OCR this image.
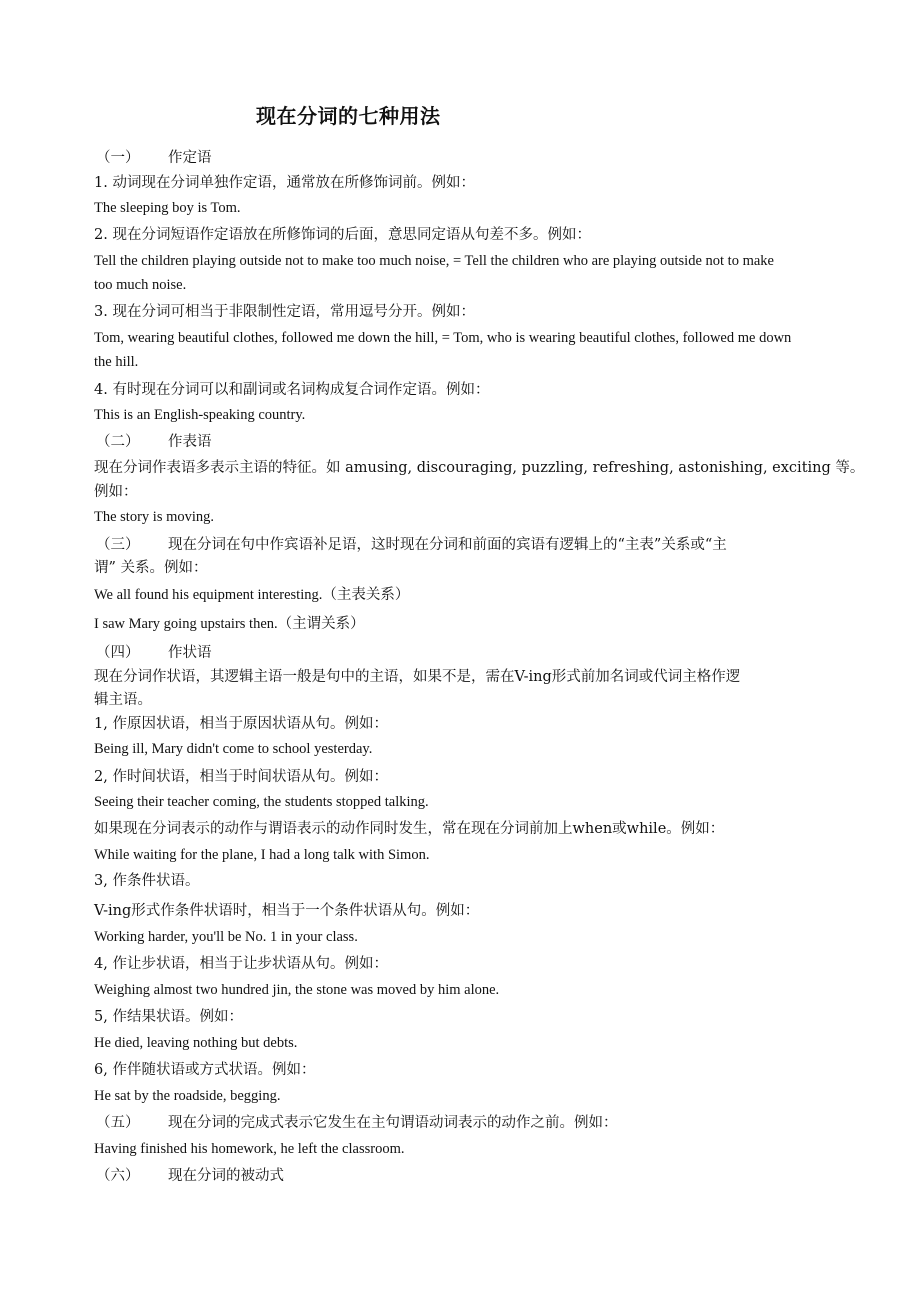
现在分词的七种用法
（一） 作定语
1. 动词现在分词单独作定语，通常放在所修饰词前。例如：
The sleeping boy is Tom.
2. 现在分词短语作定语放在所修饰词的后面，意思同定语从句差不多。例如：
Tell the children playing outside not to make too much noise, = Tell the children who are playing outside not to make
too much noise.
3. 现在分词可相当于非限制性定语，常用逗号分开。例如：
Tom, wearing beautiful clothes, followed me down the hill, = Tom, who is wearing beautiful clothes, followed me down
the hill.
4. 有时现在分词可以和副词或名词构成复合词作定语。例如：
This is an English-speaking country.
（二） 作表语
现在分词作表语多表示主语的特征。如 amusing, discouraging, puzzling, refreshing, astonishing, exciting 等。
例如：
The story is moving.
（三） 现在分词在句中作宾语补足语，这时现在分词和前面的宾语有逻辑上的“主表”关系或“主
谓” 关系。例如：
We all found his equipment interesting.（主表关系）
I saw Mary going upstairs then.（主谓关系）
（四） 作状语
现在分词作状语，其逻辑主语一般是句中的主语，如果不是，需在V-ing形式前加名词或代词主格作逻
辑主语。
1, 作原因状语，相当于原因状语从句。例如：
Being ill, Mary didn't come to school yesterday.
2, 作时间状语，相当于时间状语从句。例如：
Seeing their teacher coming, the students stopped talking.
如果现在分词表示的动作与谓语表示的动作同时发生，常在现在分词前加上when或while。例如：
While waiting for the plane, I had a long talk with Simon.
3, 作条件状语。
V-ing形式作条件状语时，相当于一个条件状语从句。例如：
Working harder, you'll be No. 1 in your class.
4, 作让步状语，相当于让步状语从句。例如：
Weighing almost two hundred jin, the stone was moved by him alone.
5, 作结果状语。例如：
He died, leaving nothing but debts.
6, 作伴随状语或方式状语。例如：
He sat by the roadside, begging.
（五） 现在分词的完成式表示它发生在主句谓语动词表示的动作之前。例如：
Having finished his homework, he left the classroom.
（六） 现在分词的被动式
